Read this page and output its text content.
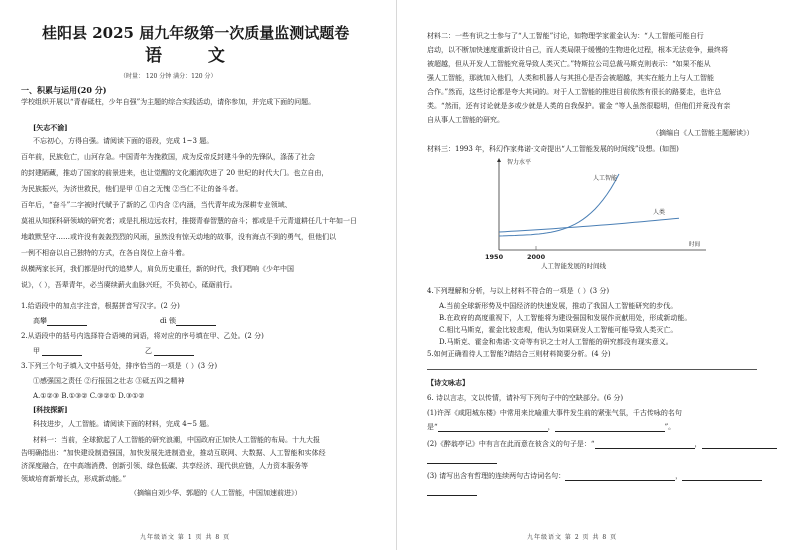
桂阳县 2025 届九年级第一次质量监测试题卷
语 文
（时量： 120 分钟 满分：120 分）
一、积累与运用(20 分)
学校组织开展以“青春砥柱，少年自强”为主题的综合实践活动，请你参加，并完成下面的问题。
[矢志不渝]
1.给语段中的加点字注音，根据拼音写汉字。(2 分)
高攀	dì 锁
2.从语段中的括号内选择符合语境的词语，将对应的序号填在甲、乙处。(2 分)
甲	乙
3.下列三个句子填入文中括号处，排序恰当的一项是（ ）(3 分)
①感强国之责任 ②行报国之壮志 ③砥五四之精神
A.①②③ B.①③② C.③②① D.③①②
[科技探新]
科技进步，人工智能。请阅读下面的材料，完成 4~5 题。
（摘编自刘少华、郭超的《人工智能，中国加速前进》）
九年级语文 第 1 页 共 8 页
不忘初心，方得自强。请阅读下面的语段，完成 1~3 题。
百年前，民族危亡，山河存急。中国青年为挽救国，成为反帝反封建斗争的先锋队，涤荡了社会
的封建陋藏，推动了国家的前景进来，也让觉醒的文化潮流吹进了 20 世纪的时代大门。也立自由，
为民族振兴，为济世救民，他们是甲 ①自之无愧 ②当仁不让的备斗者。
百年后，“奋斗”二字被时代赋予了新的乙 ①内含 ②内涵，当代青年成为深耕专业领域、
莫祖从知探科研领域的研究者；或是扎根边远农村，推掇青春智慧的奋斗；都或是千元青道耕任几十年如一日
地敢默坚守……或许没有轰轰烈烈的风雨，虽然没有惊天动地的故事，没有海点不到的勇气，但他们以
一例不相奋以自己独特的方式，在各自岗位上奋斗着。
纵横两家长河，我们都是时代的追梦人，肩负历史重任，新的时代，我们唱响《少年中国
说》，（ ），吾辈青年，必当赓续薪火血脉兴旺，不负初心，砥砺前行。
材料一：当前，全球掀起了人工智能的研究浪潮，中国政府正加快人工智能的布局。十九大报
告明确指出：“加快建设制造强国，加快发展先进制造业，推动互联网、大数据、人工智能和实体经
济深度融合，在中高端消费、创新引领、绿色低碳、共享经济、现代供应链，人力资本服务等
领域培育新增长点，形成新动能。”
（摘编自《人工智能主题解读》）
材料三：1993 年，科幻作家弗诺·文奇提出“人工智能发展的时间线”设想。(如图)
智力水平
时间
1950	2000
人工智能
人类
人工智能发展的时间线
4.下列理解和分析，与以上材料不符合的一项是（ ）(3 分)
5.如何正确看待人工智能?请结合三则材料简要分析。(4 分)
【诗文咏志】
6. 诗以言志，文以传情，请补写下列句子中的空缺部分。(6 分)
(1)许浑《咸阳城东楼》中常用来比喻重大事件发生前的紧张气氛，千古传咏的名句
是“	，	”。
(2)《醉翁亭记》中有言在此而意在彼含义的句子是：“	，
(3) 请写出含有哲理的连续两句古诗词名句：	，
九年级语文 第 2 页 共 8 页
材料二：一些有识之士参与了“人工智能”讨论，如物理学家霍金认为：“人工智能可能自行
启动，以不断加快速度重新设计自己，而人类局限于缓慢的生物进化过程，根本无法竞争，最终将
被超越，但从开发人工智能究竟导致人类灭亡。”特斯拉公司总裁马斯克则表示：“如果不能从
强人工智能，那就加入他们，人类和机器人与其担心是否会被超越，其实在能力上与人工智能
合作。”然而，这些讨论都是夸大其词的。对于人工智能的推进目前依然有很长的路要走，也许总
类。“然而，还有讨论就是多或少就是人类的自我保护。霍金 “等人虽然很聪明，但他们并竟没有亲
自从事人工智能的研究。
A.当前全球新形势及中国经济的快速发展，推动了我国人工智能研究的步伐。
B.在政府的高度重视下，人工智能将为建设强国和发展作贡献用处，形成新动能。
C.相比马斯克，霍金比较悲观，他认为如果研发人工智能可能导致人类灭亡。
D.马斯克、霍金和弗诺·文奇等有识之士对人工智能的研究都没有现实意义。
